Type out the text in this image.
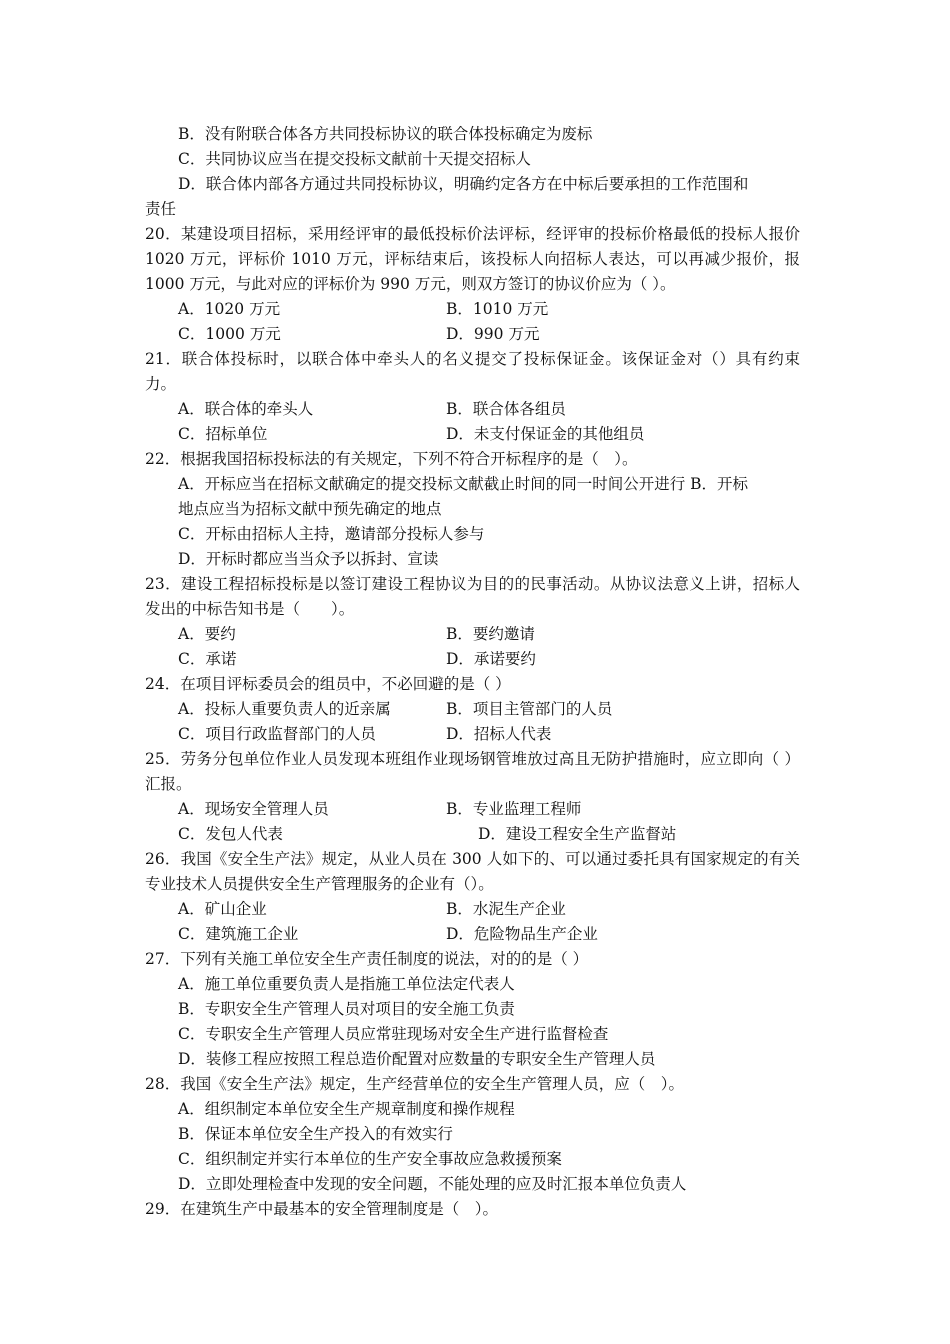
B．没有附联合体各方共同投标协议的联合体投标确定为废标
C．共同协议应当在提交投标文献前十天提交招标人
D．联合体内部各方通过共同投标协议，明确约定各方在中标后要承担的工作范围和
责任
20．某建设项目招标，采用经评审的最低投标价法评标，经评审的投标价格最低的投标人报价 1020 万元，评标价 1010 万元，评标结束后，该投标人向招标人表达，可以再减少报价，报 1000 万元，与此对应的评标价为 990 万元，则双方签订的协议价应为（ ）。
A．1020 万元	B．1010 万元
C．1000 万元	D．990 万元
21．联合体投标时，以联合体中牵头人的名义提交了投标保证金。该保证金对（）具有约束力。
A．联合体的牵头人	B．联合体各组员
C．招标单位	D．未支付保证金的其他组员
22．根据我国招标投标法的有关规定，下列不符合开标程序的是（　）。
A．开标应当在招标文献确定的提交投标文献截止时间的同一时间公开进行 B．开标
地点应当为招标文献中预先确定的地点
C．开标由招标人主持，邀请部分投标人参与
D．开标时都应当当众予以拆封、宣读
23．建设工程招标投标是以签订建设工程协议为目的的民事活动。从协议法意义上讲，招标人发出的中标告知书是（　　）。
A．要约	B．要约邀请
C．承诺	D．承诺要约
24．在项目评标委员会的组员中，不必回避的是（ ）
A．投标人重要负责人的近亲属	B．项目主管部门的人员
C．项目行政监督部门的人员	D．招标人代表
25．劳务分包单位作业人员发现本班组作业现场钢管堆放过高且无防护措施时，应立即向（ ）汇报。
A．现场安全管理人员	B．专业监理工程师
C．发包人代表	D．建设工程安全生产监督站
26．我国《安全生产法》规定，从业人员在 300 人如下的、可以通过委托具有国家规定的有关专业技术人员提供安全生产管理服务的企业有（）。
A．矿山企业	B．水泥生产企业
C．建筑施工企业	D．危险物品生产企业
27．下列有关施工单位安全生产责任制度的说法，对的的是（ ）
A．施工单位重要负责人是指施工单位法定代表人
B．专职安全生产管理人员对项目的安全施工负责
C．专职安全生产管理人员应常驻现场对安全生产进行监督检查
D．装修工程应按照工程总造价配置对应数量的专职安全生产管理人员
28．我国《安全生产法》规定，生产经营单位的安全生产管理人员，应（　）。
A．组织制定本单位安全生产规章制度和操作规程
B．保证本单位安全生产投入的有效实行
C．组织制定并实行本单位的生产安全事故应急救援预案
D．立即处理检查中发现的安全问题，不能处理的应及时汇报本单位负责人
29．在建筑生产中最基本的安全管理制度是（　）。
